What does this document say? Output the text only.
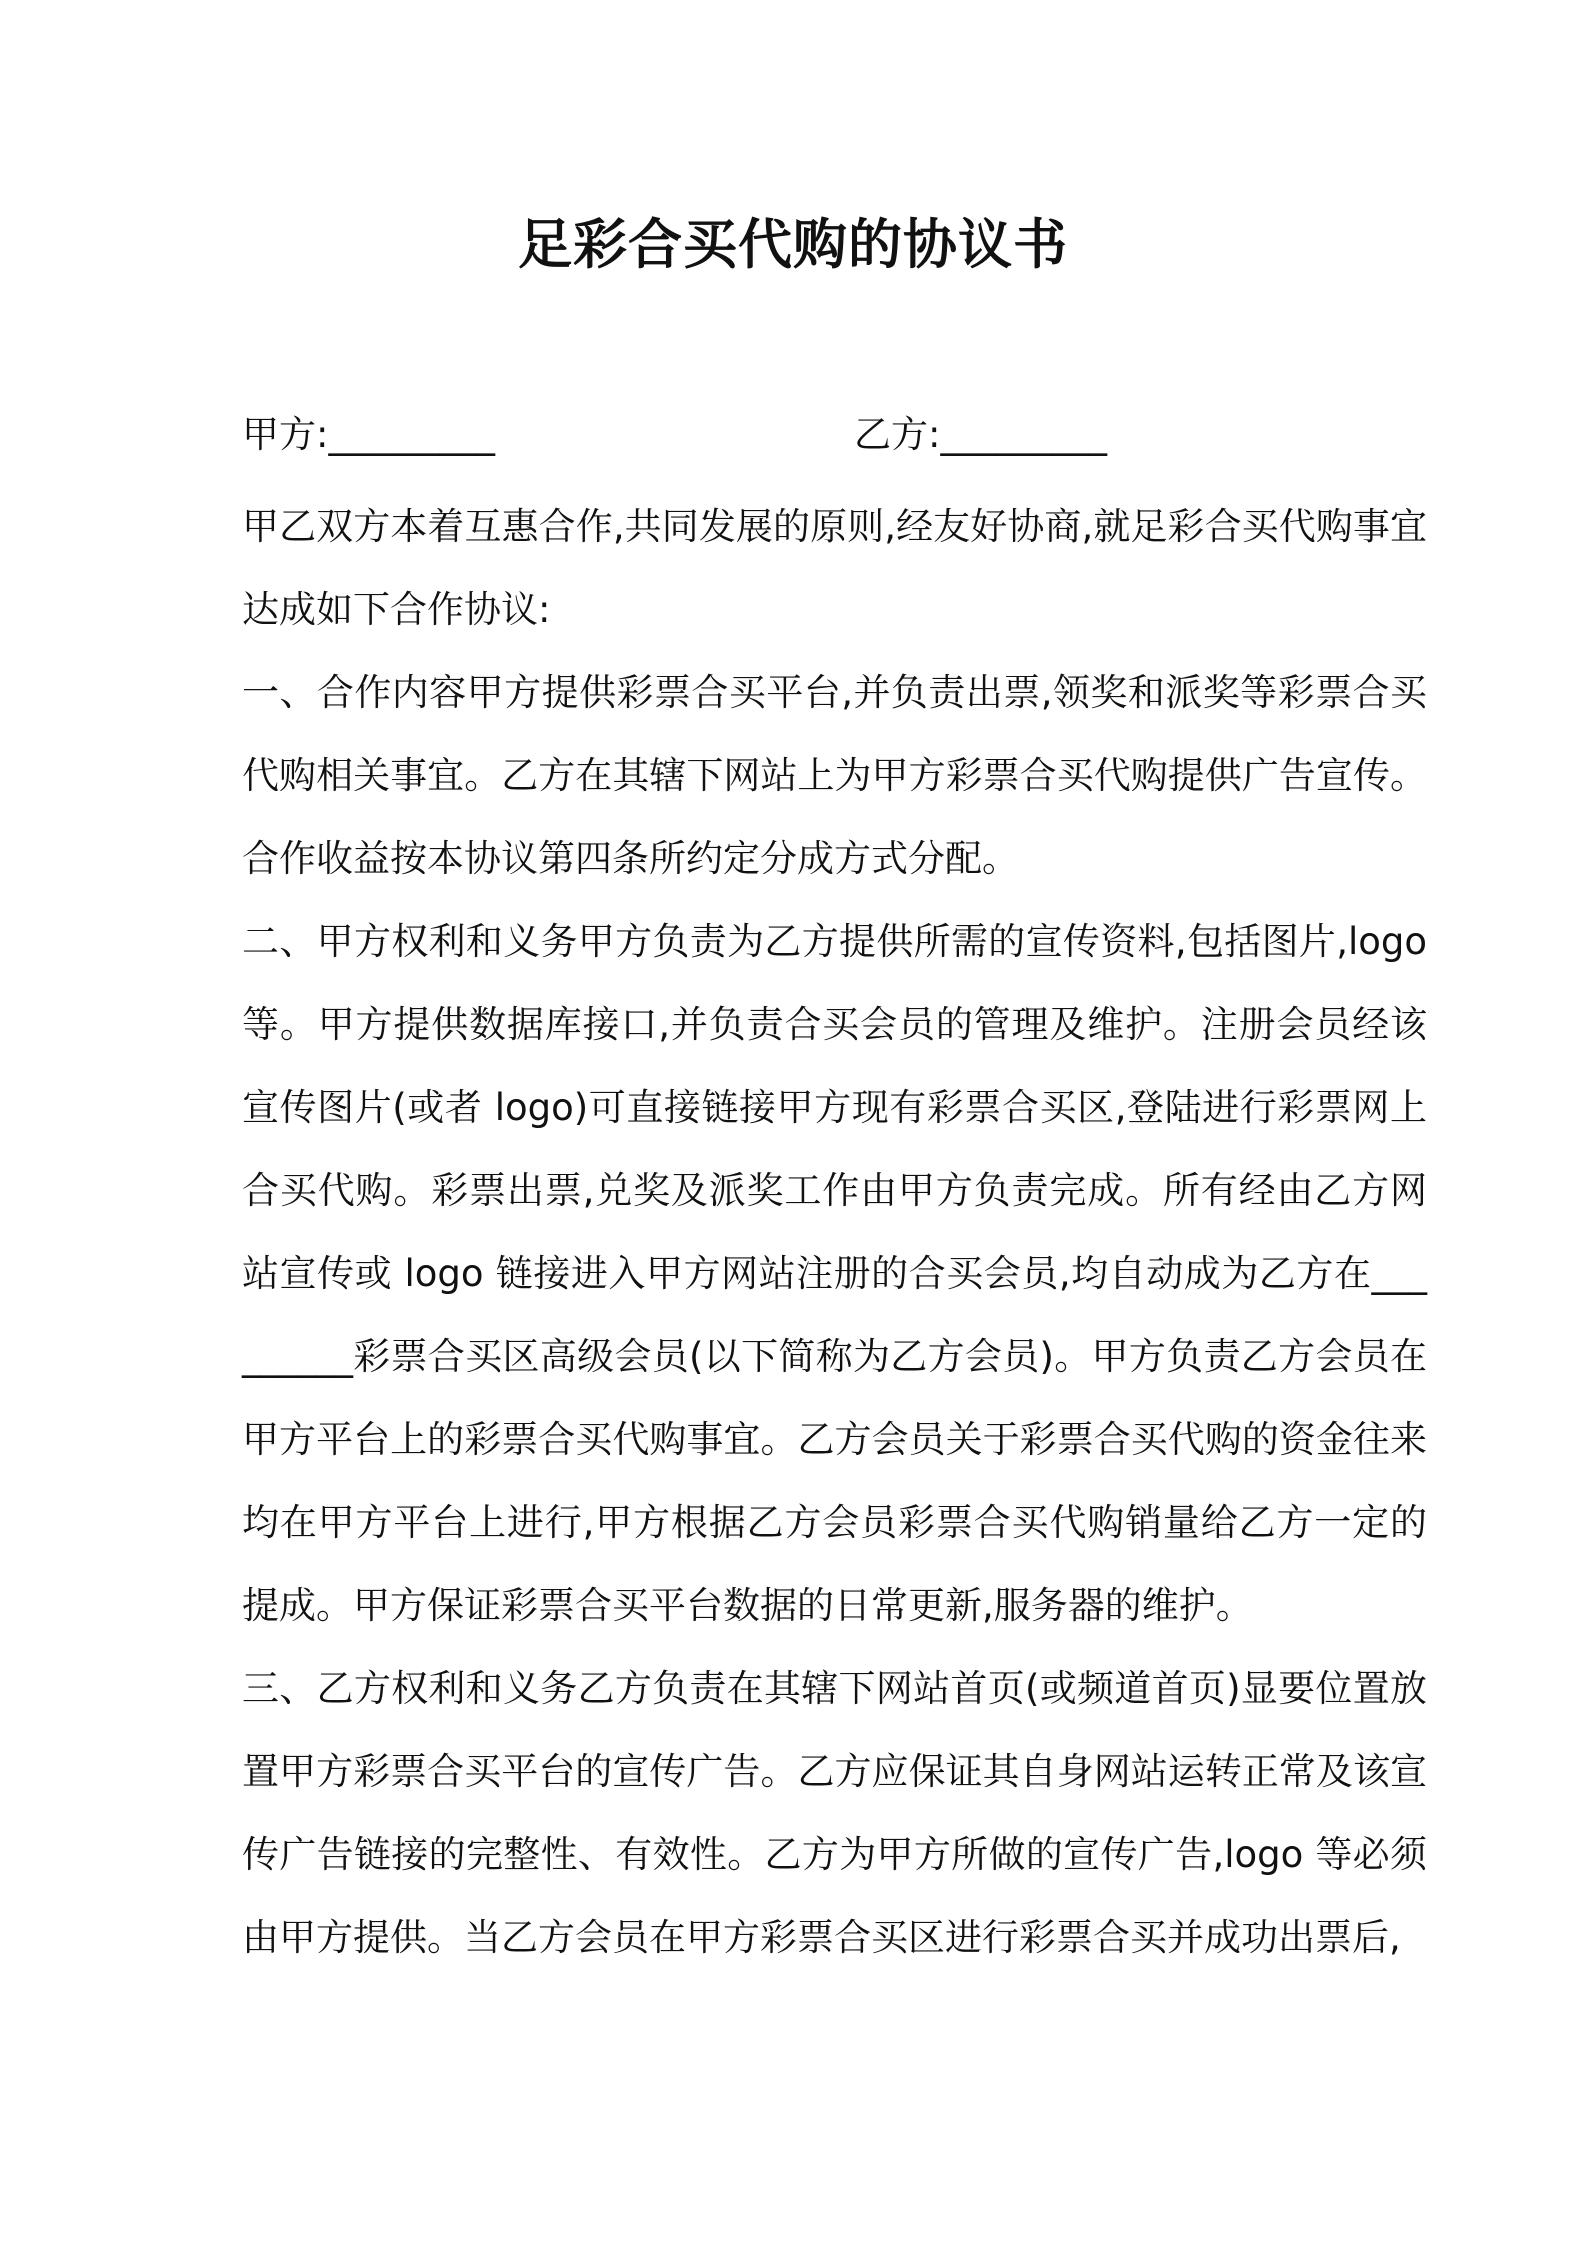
足彩合买代购的协议书
甲方:_________	乙方:_________

甲乙双方本着互惠合作,共同发展的原则,经友好协商,就足彩合买代购事宜达成如下合作协议:

一、合作内容甲方提供彩票合买平台,并负责出票,领奖和派奖等彩票合买代购相关事宜。乙方在其辖下网站上为甲方彩票合买代购提供广告宣传。合作收益按本协议第四条所约定分成方式分配。

二、甲方权利和义务甲方负责为乙方提供所需的宣传资料,包括图片,logo等。甲方提供数据库接口,并负责合买会员的管理及维护。注册会员经该宣传图片(或者 logo)可直接链接甲方现有彩票合买区,登陆进行彩票网上合买代购。彩票出票,兑奖及派奖工作由甲方负责完成。所有经由乙方网站宣传或 logo 链接进入甲方网站注册的合买会员,均自动成为乙方在_________彩票合买区高级会员(以下简称为乙方会员)。甲方负责乙方会员在甲方平台上的彩票合买代购事宜。乙方会员关于彩票合买代购的资金往来均在甲方平台上进行,甲方根据乙方会员彩票合买代购销量给乙方一定的提成。甲方保证彩票合买平台数据的日常更新,服务器的维护。

三、乙方权利和义务乙方负责在其辖下网站首页(或频道首页)显要位置放置甲方彩票合买平台的宣传广告。乙方应保证其自身网站运转正常及该宣传广告链接的完整性、有效性。乙方为甲方所做的宣传广告,logo 等必须由甲方提供。当乙方会员在甲方彩票合买区进行彩票合买并成功出票后,
